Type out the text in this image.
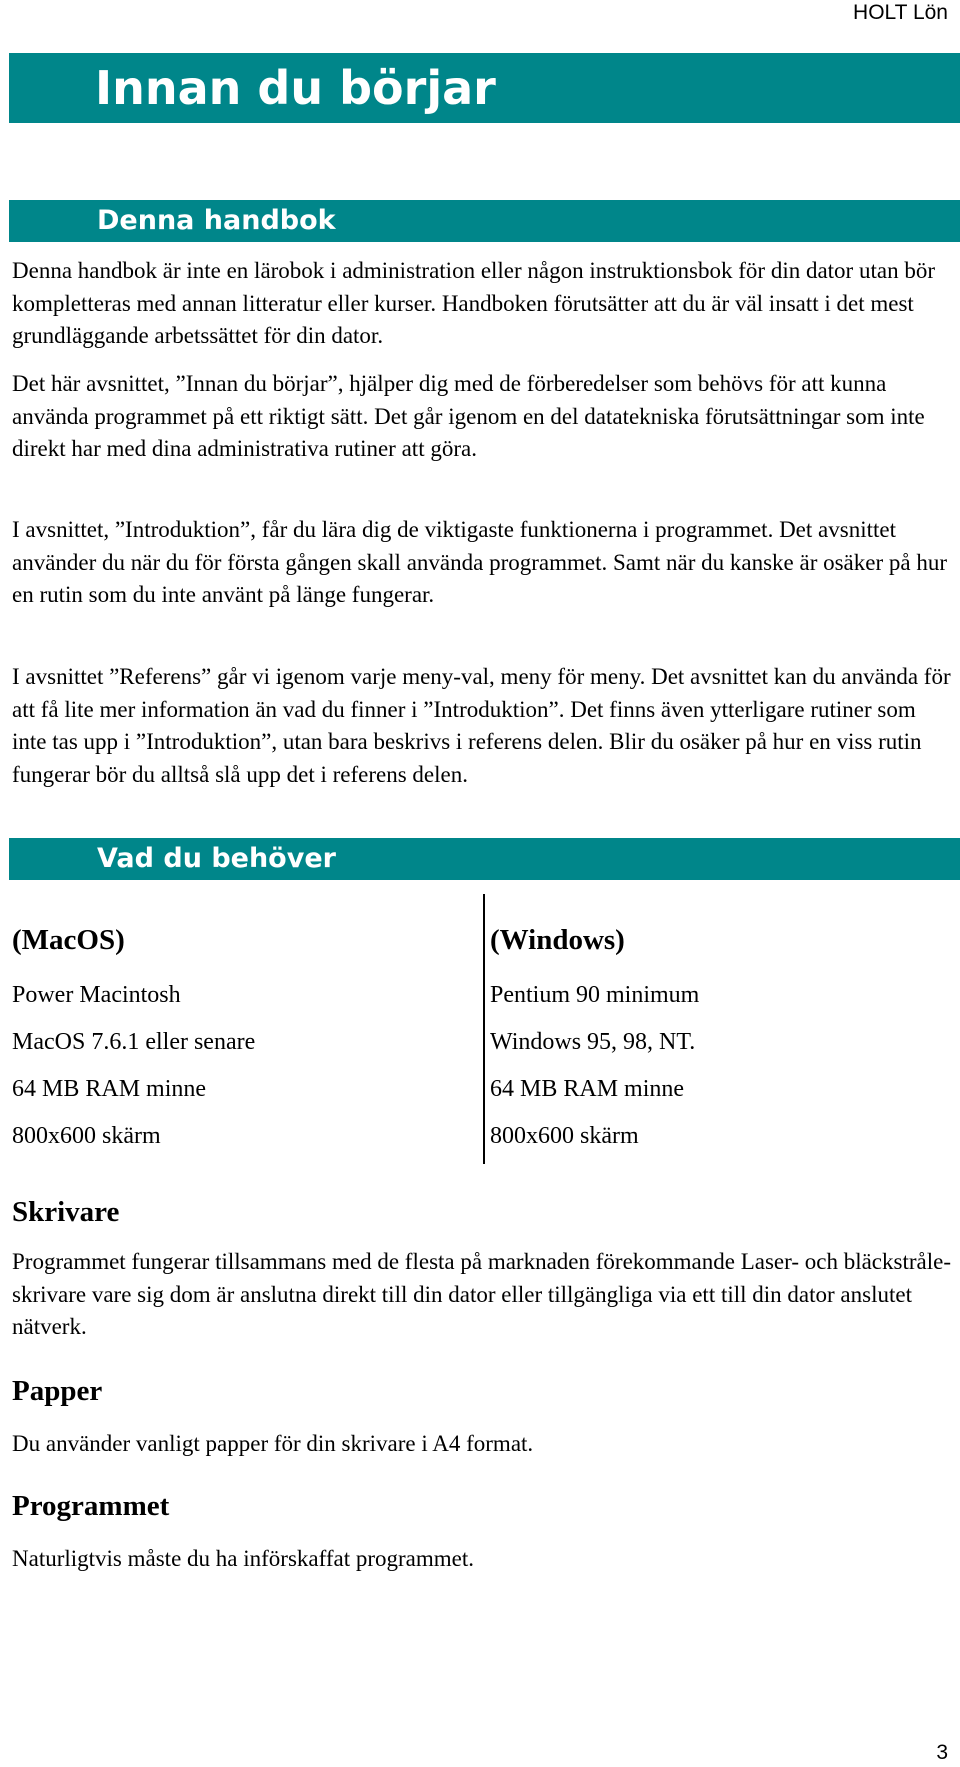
HOLT Lön
Innan du börjar
Denna handbok

Denna handbok är inte en lärobok i administration eller någon instruktionsbok för din dator utan bör kompletteras med annan litteratur eller kurser. Handboken förutsätter att du är väl insatt i det mest grundläggande arbetssättet för din dator.

Det här avsnittet, ”Innan du börjar”, hjälper dig med de förberedelser som behövs för att kunna använda programmet på ett riktigt sätt. Det går igenom en del datatekniska förutsättningar som inte direkt har med dina administrativa rutiner att göra.

I avsnittet, ”Introduktion”, får du lära dig de viktigaste funktionerna i programmet. Det avsnittet använder du när du för första gången skall använda programmet. Samt när du kanske är osäker på hur en rutin som du inte använt på länge fungerar.

I avsnittet ”Referens” går vi igenom varje meny-val, meny för meny. Det avsnittet kan du använda för att få lite mer information än vad du finner i ”Introduktion”. Det finns även ytterligare rutiner som inte tas upp i ”Introduktion”, utan bara beskrivs i referens delen. Blir du osäker på hur en viss rutin fungerar bör du alltså slå upp det i referens delen.

Vad du behöver
(MacOS)
Power Macintosh
MacOS 7.6.1 eller senare
64 MB RAM minne
800x600 skärm
(Windows)
Pentium 90 minimum
Windows 95, 98, NT.
64 MB RAM minne
800x600 skärm
Skrivare

Programmet fungerar tillsammans med de flesta på marknaden förekommande Laser- och bläckstråle-skrivare vare sig dom är anslutna direkt till din dator eller tillgängliga via ett till din dator anslutet nätverk.

Papper

Du använder vanligt papper för din skrivare i A4 format.

Programmet

Naturligtvis måste du ha införskaffat programmet.

3
